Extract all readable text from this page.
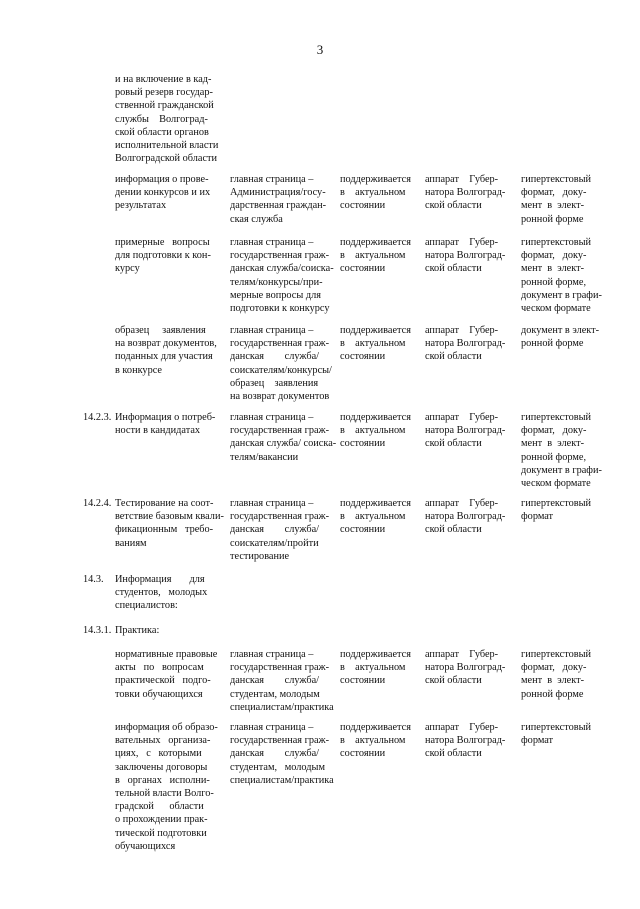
3
и на включение в кад-
ровый резерв государ-
ственной гражданской
службы    Волгоград-
ской области органов
исполнительной власти
Волгоградской области
информация о прове-
дении конкурсов и их
результатах
главная страница –
Администрация/госу-
дарственная граждан-
ская служба
поддерживается
в    актуальном
состоянии
аппарат    Губер-
натора Волгоград-
ской области
гипертекстовый
формат,   доку-
мент  в  элект-
ронной форме
примерные   вопросы
для подготовки к кон-
курсу
главная страница –
государственная граж-
данская служба/соиска-
телям/конкурсы/при-
мерные вопросы для
подготовки к конкурсу
поддерживается
в    актуальном
состоянии
аппарат    Губер-
натора Волгоград-
ской области
гипертекстовый
формат,   доку-
мент  в  элект-
ронной форме,
документ в графи-
ческом формате
образец     заявления
на возврат документов,
поданных для участия
в конкурсе
главная страница –
государственная граж-
данская        служба/
соискателям/конкурсы/
образец    заявления
на возврат документов
поддерживается
в    актуальном
состоянии
аппарат    Губер-
натора Волгоград-
ской области
документ в элект-
ронной форме
14.2.3. Информация о потреб-
ности в кандидатах
главная страница –
государственная граж-
данская служба/ соиска-
телям/вакансии
поддерживается
в    актуальном
состоянии
аппарат    Губер-
натора Волгоград-
ской области
гипертекстовый
формат,   доку-
мент  в  элект-
ронной форме,
документ в графи-
ческом формате
14.2.4. Тестирование на соот-
ветствие базовым квали-
фикационным   требо-
ваниям
главная страница –
государственная граж-
данская        служба/
соискателям/пройти
тестирование
поддерживается
в    актуальном
состоянии
аппарат    Губер-
натора Волгоград-
ской области
гипертекстовый
формат
14.3.	Информация       для
студентов,   молодых
специалистов:
14.3.1. Практика:
нормативные правовые
акты   по   вопросам
практической   подго-
товки обучающихся
главная страница –
государственная граж-
данская        служба/
студентам, молодым
специалистам/практика
поддерживается
в    актуальном
состоянии
аппарат    Губер-
натора Волгоград-
ской области
гипертекстовый
формат,   доку-
мент  в  элект-
ронной форме
информация об образо-
вательных   организа-
циях,   с   которыми
заключены договоры
в   органах   исполни-
тельной власти Волго-
градской      области
о прохождении прак-
тической подготовки
обучающихся
главная страница –
государственная граж-
данская        служба/
студентам,   молодым
специалистам/практика
поддерживается
в    актуальном
состоянии
аппарат    Губер-
натора Волгоград-
ской области
гипертекстовый
формат
